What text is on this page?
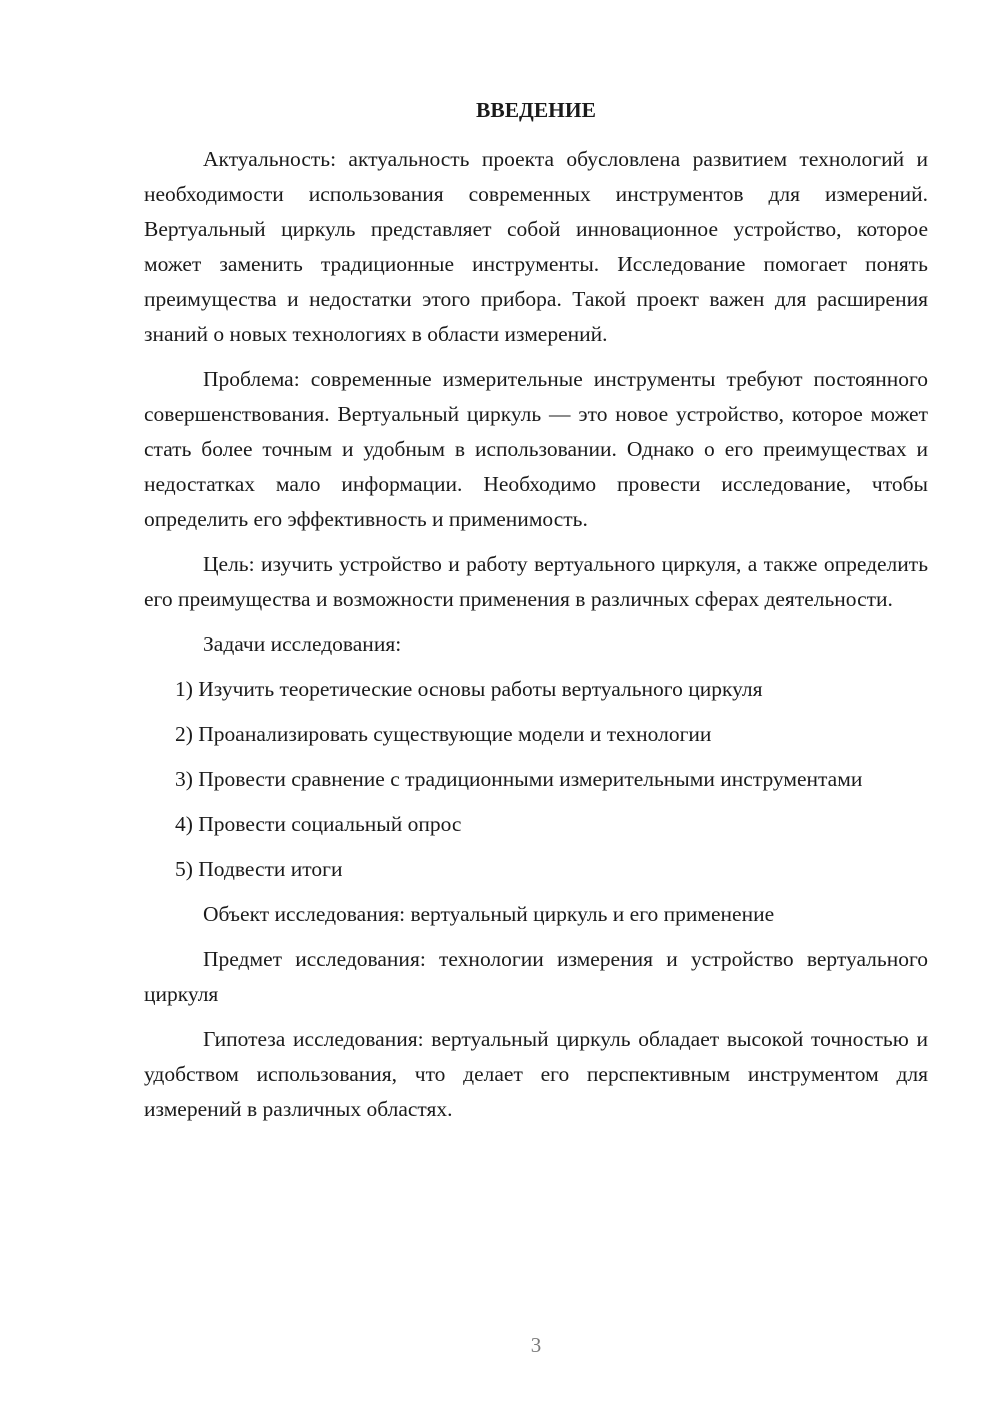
ВВЕДЕНИЕ

Актуальность: актуальность проекта обусловлена развитием технологий и необходимости использования современных инструментов для измерений. Вертуальный циркуль представляет собой инновационное устройство, которое может заменить традиционные инструменты. Исследование помогает понять преимущества и недостатки этого прибора. Такой проект важен для расширения знаний о новых технологиях в области измерений.

Проблема: современные измерительные инструменты требуют постоянного совершенствования. Вертуальный циркуль — это новое устройство, которое может стать более точным и удобным в использовании. Однако о его преимуществах и недостатках мало информации. Необходимо провести исследование, чтобы определить его эффективность и применимость.

Цель: изучить устройство и работу вертуального циркуля, а также определить его преимущества и возможности применения в различных сферах деятельности.

Задачи исследования:

1) Изучить теоретические основы работы вертуального циркуля

2) Проанализировать существующие модели и технологии

3) Провести сравнение с традиционными измерительными инструментами

4) Провести социальный опрос

5) Подвести итоги

Объект исследования: вертуальный циркуль и его применение

Предмет исследования: технологии измерения и устройство вертуального циркуля

Гипотеза исследования: вертуальный циркуль обладает высокой точностью и удобством использования, что делает его перспективным инструментом для измерений в различных областях.

3
